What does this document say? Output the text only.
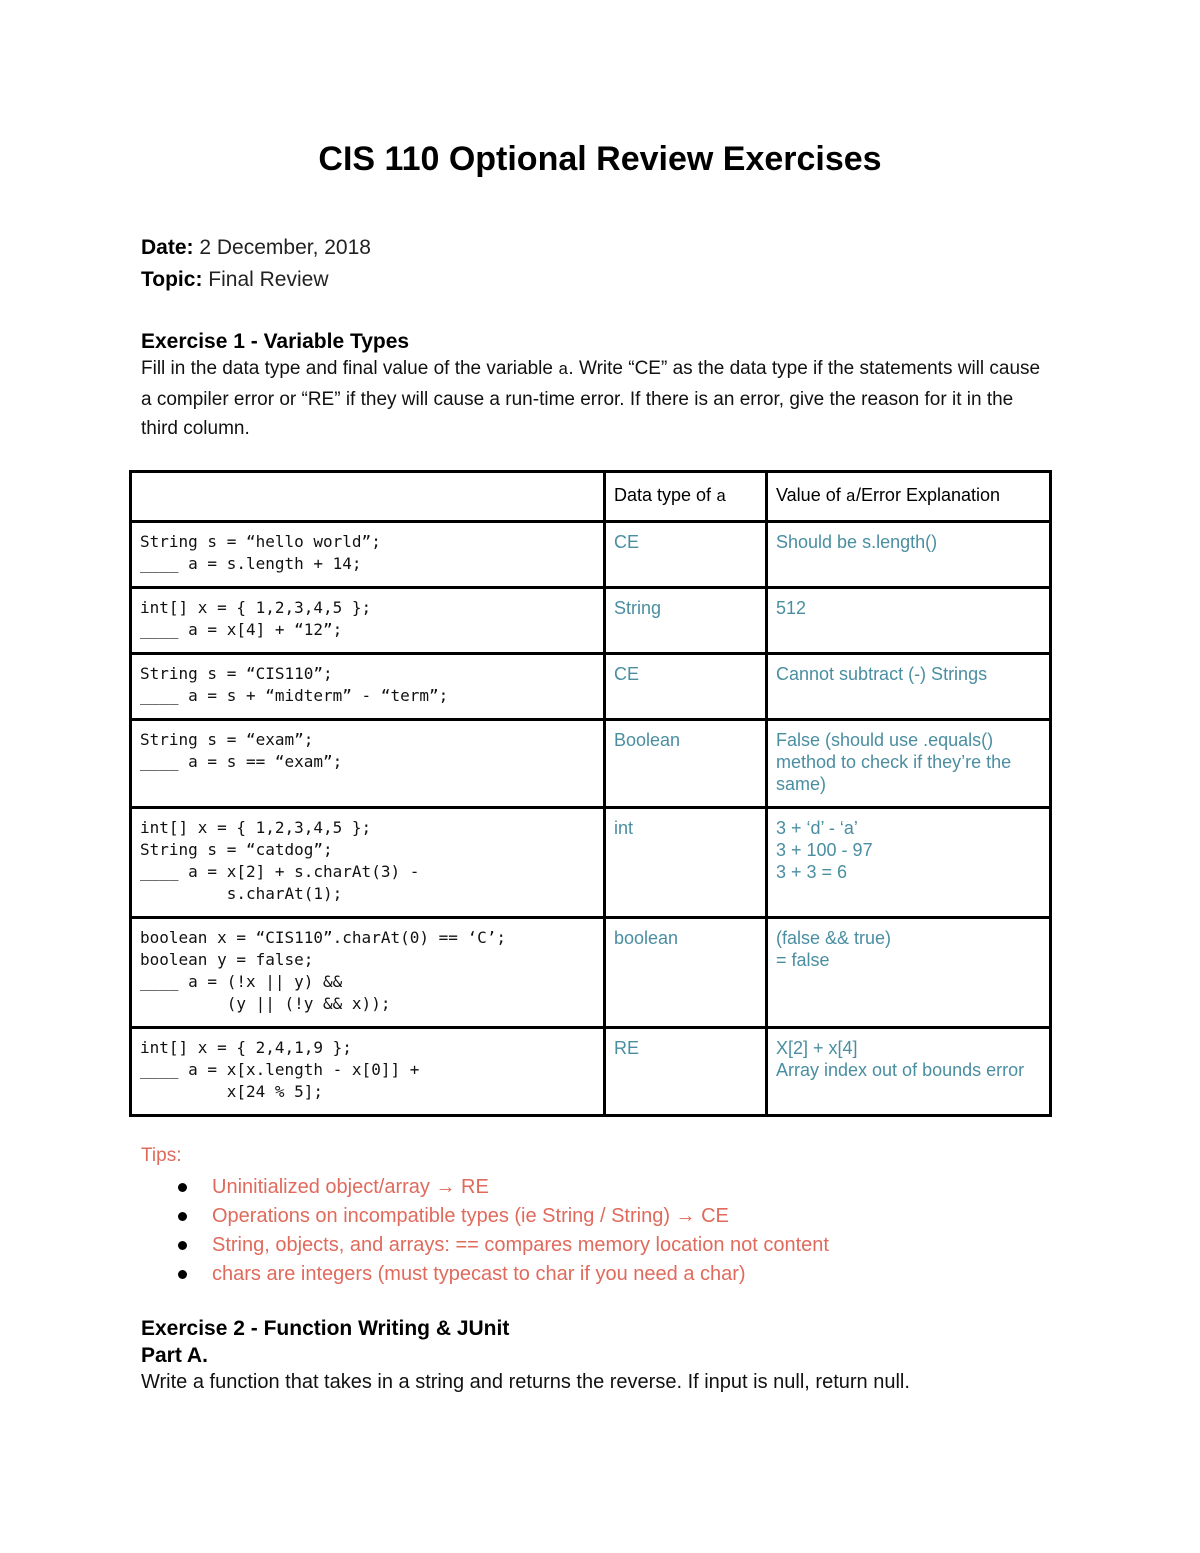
CIS 110 Optional Review Exercises
Date: 2 December, 2018
Topic: Final Review
Exercise 1 - Variable Types
Fill in the data type and final value of the variable a. Write “CE” as the data type if the statements will cause a compiler error or “RE” if they will cause a run-time error. If there is an error, give the reason for it in the third column.
	Data type of a	Value of a/Error Explanation
String s = “hello world”;
____ a = s.length + 14;	CE	Should be s.length()
int[] x = { 1,2,3,4,5 };
____ a = x[4] + “12”;	String	512
String s = “CIS110”;
____ a = s + “midterm” - “term”;	CE	Cannot subtract (-) Strings
String s = “exam”;
____ a = s == “exam”;	Boolean	False (should use .equals() method to check if they’re the same)
int[] x = { 1,2,3,4,5 };
String s = “catdog”;
____ a = x[2] + s.charAt(3) -
s.charAt(1);	int	3 + ‘d’ - ‘a’
3 + 100 - 97
3 + 3 = 6
boolean x = “CIS110”.charAt(0) == ‘C’;
boolean y = false;
____ a = (!x || y) &&
(y || (!y && x));	boolean	(false && true)
= false
int[] x = { 2,4,1,9 };
____ a = x[x.length - x[0]] +
x[24 % 5];	RE	X[2] + x[4]
Array index out of bounds error
Tips:
Uninitialized object/array → RE
Operations on incompatible types (ie String / String) → CE
String, objects, and arrays: == compares memory location not content
chars are integers (must typecast to char if you need a char)
Exercise 2 - Function Writing & JUnit
Part A.
Write a function that takes in a string and returns the reverse. If input is null, return null.
